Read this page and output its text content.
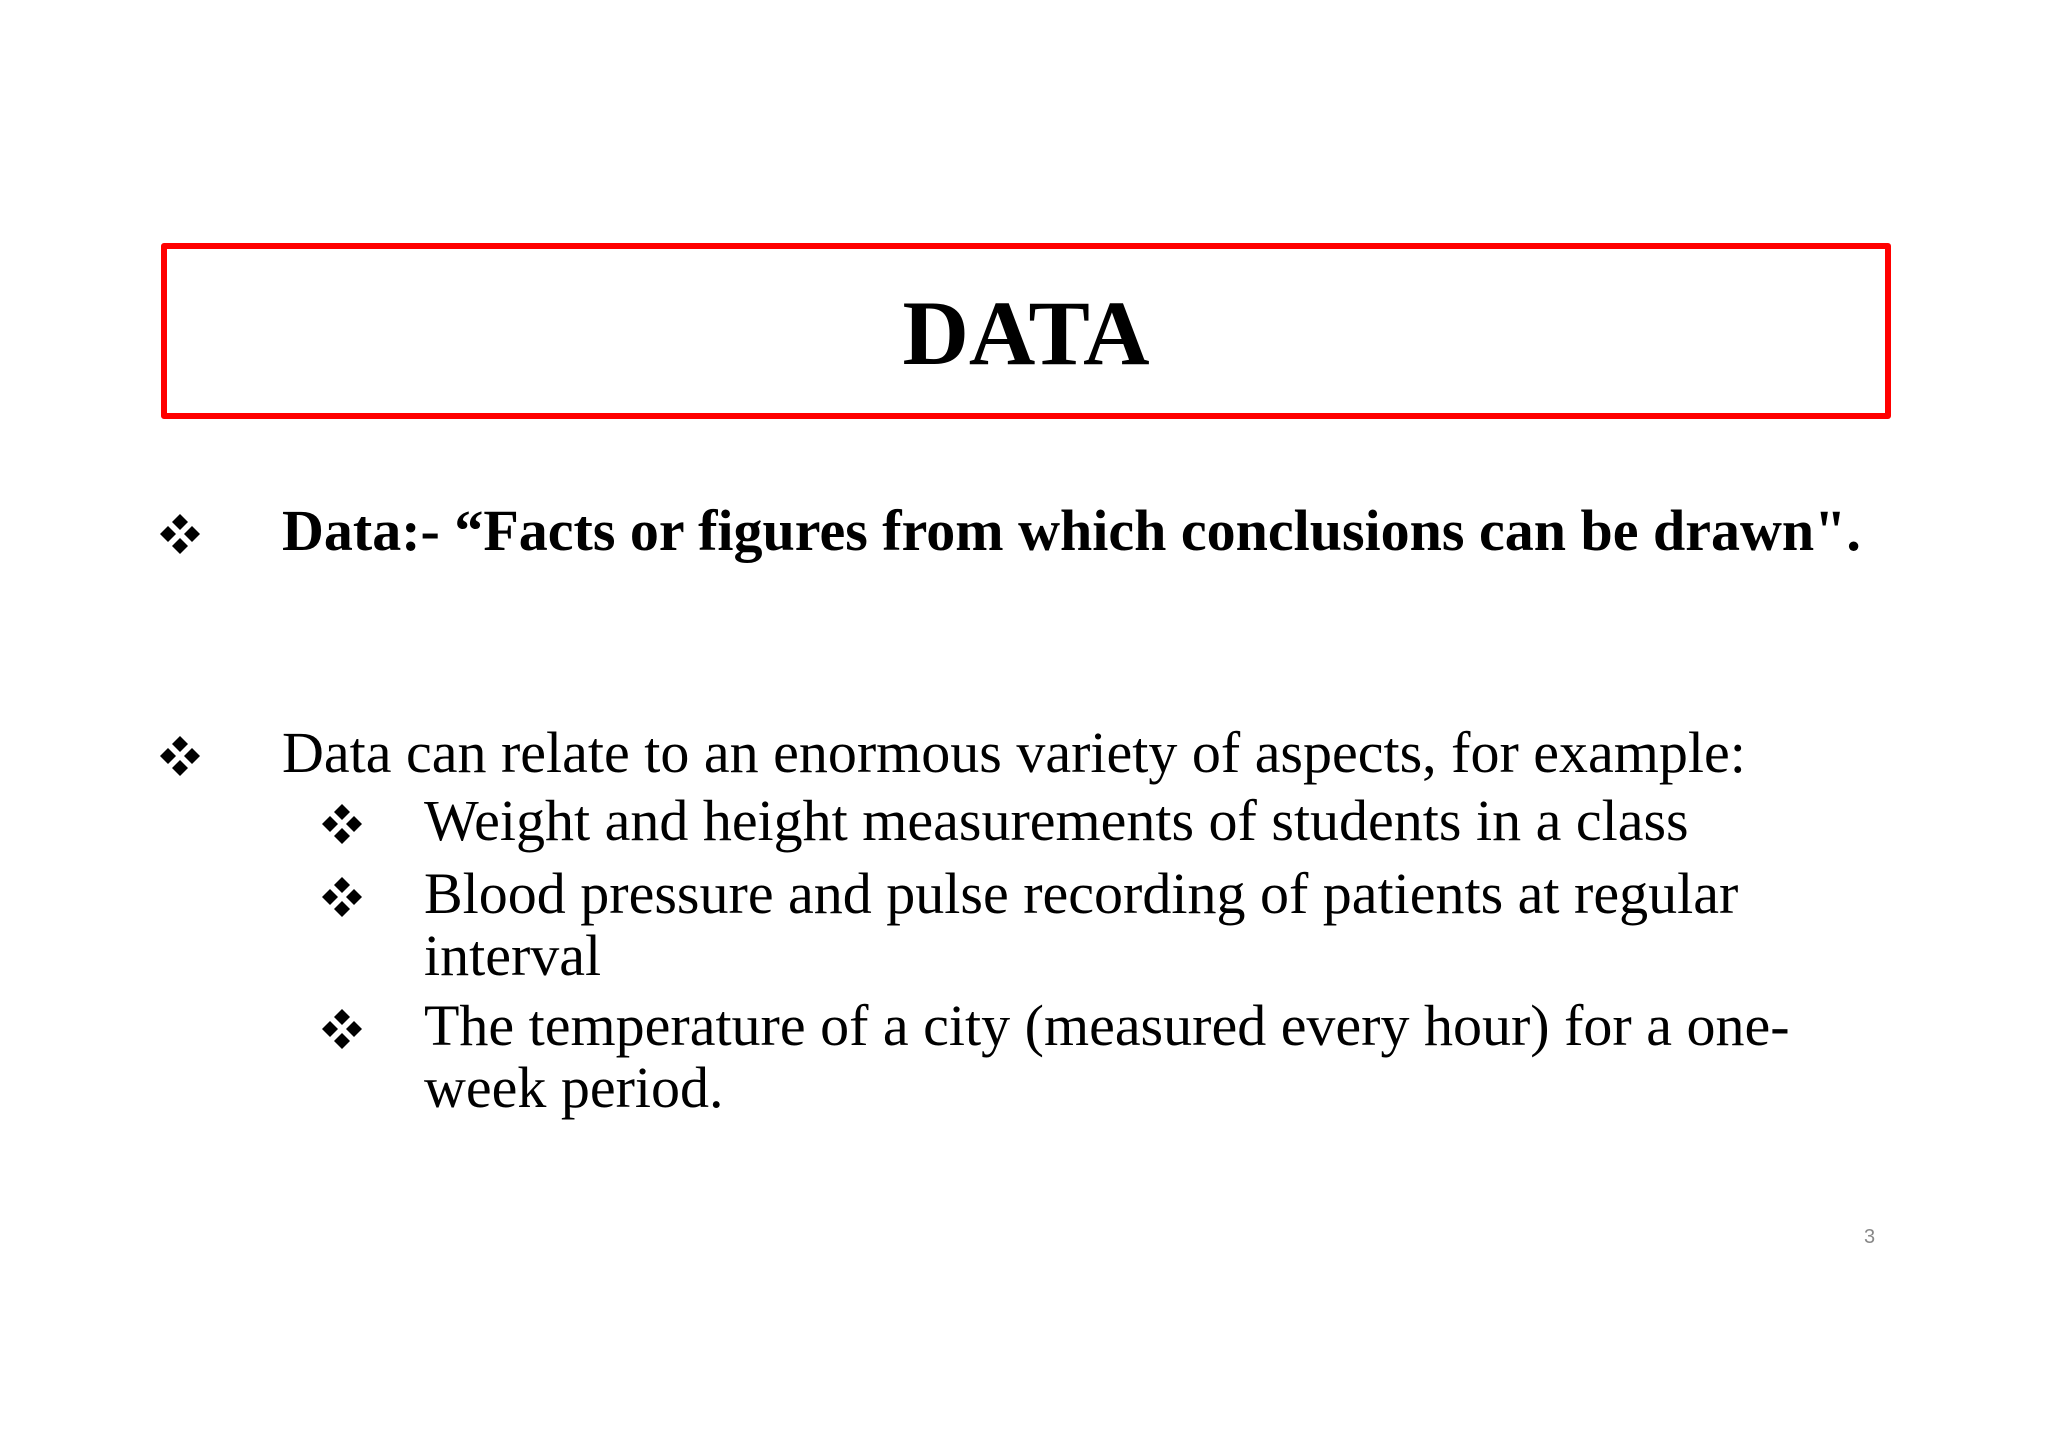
DATA
Data:- “Facts or figures from which conclusions can be drawn".
Data can relate to an enormous variety of aspects, for example:
Weight and height measurements of students in a class
Blood pressure and pulse recording of patients at regular interval
The temperature of a city (measured every hour) for a one-week period.
3
